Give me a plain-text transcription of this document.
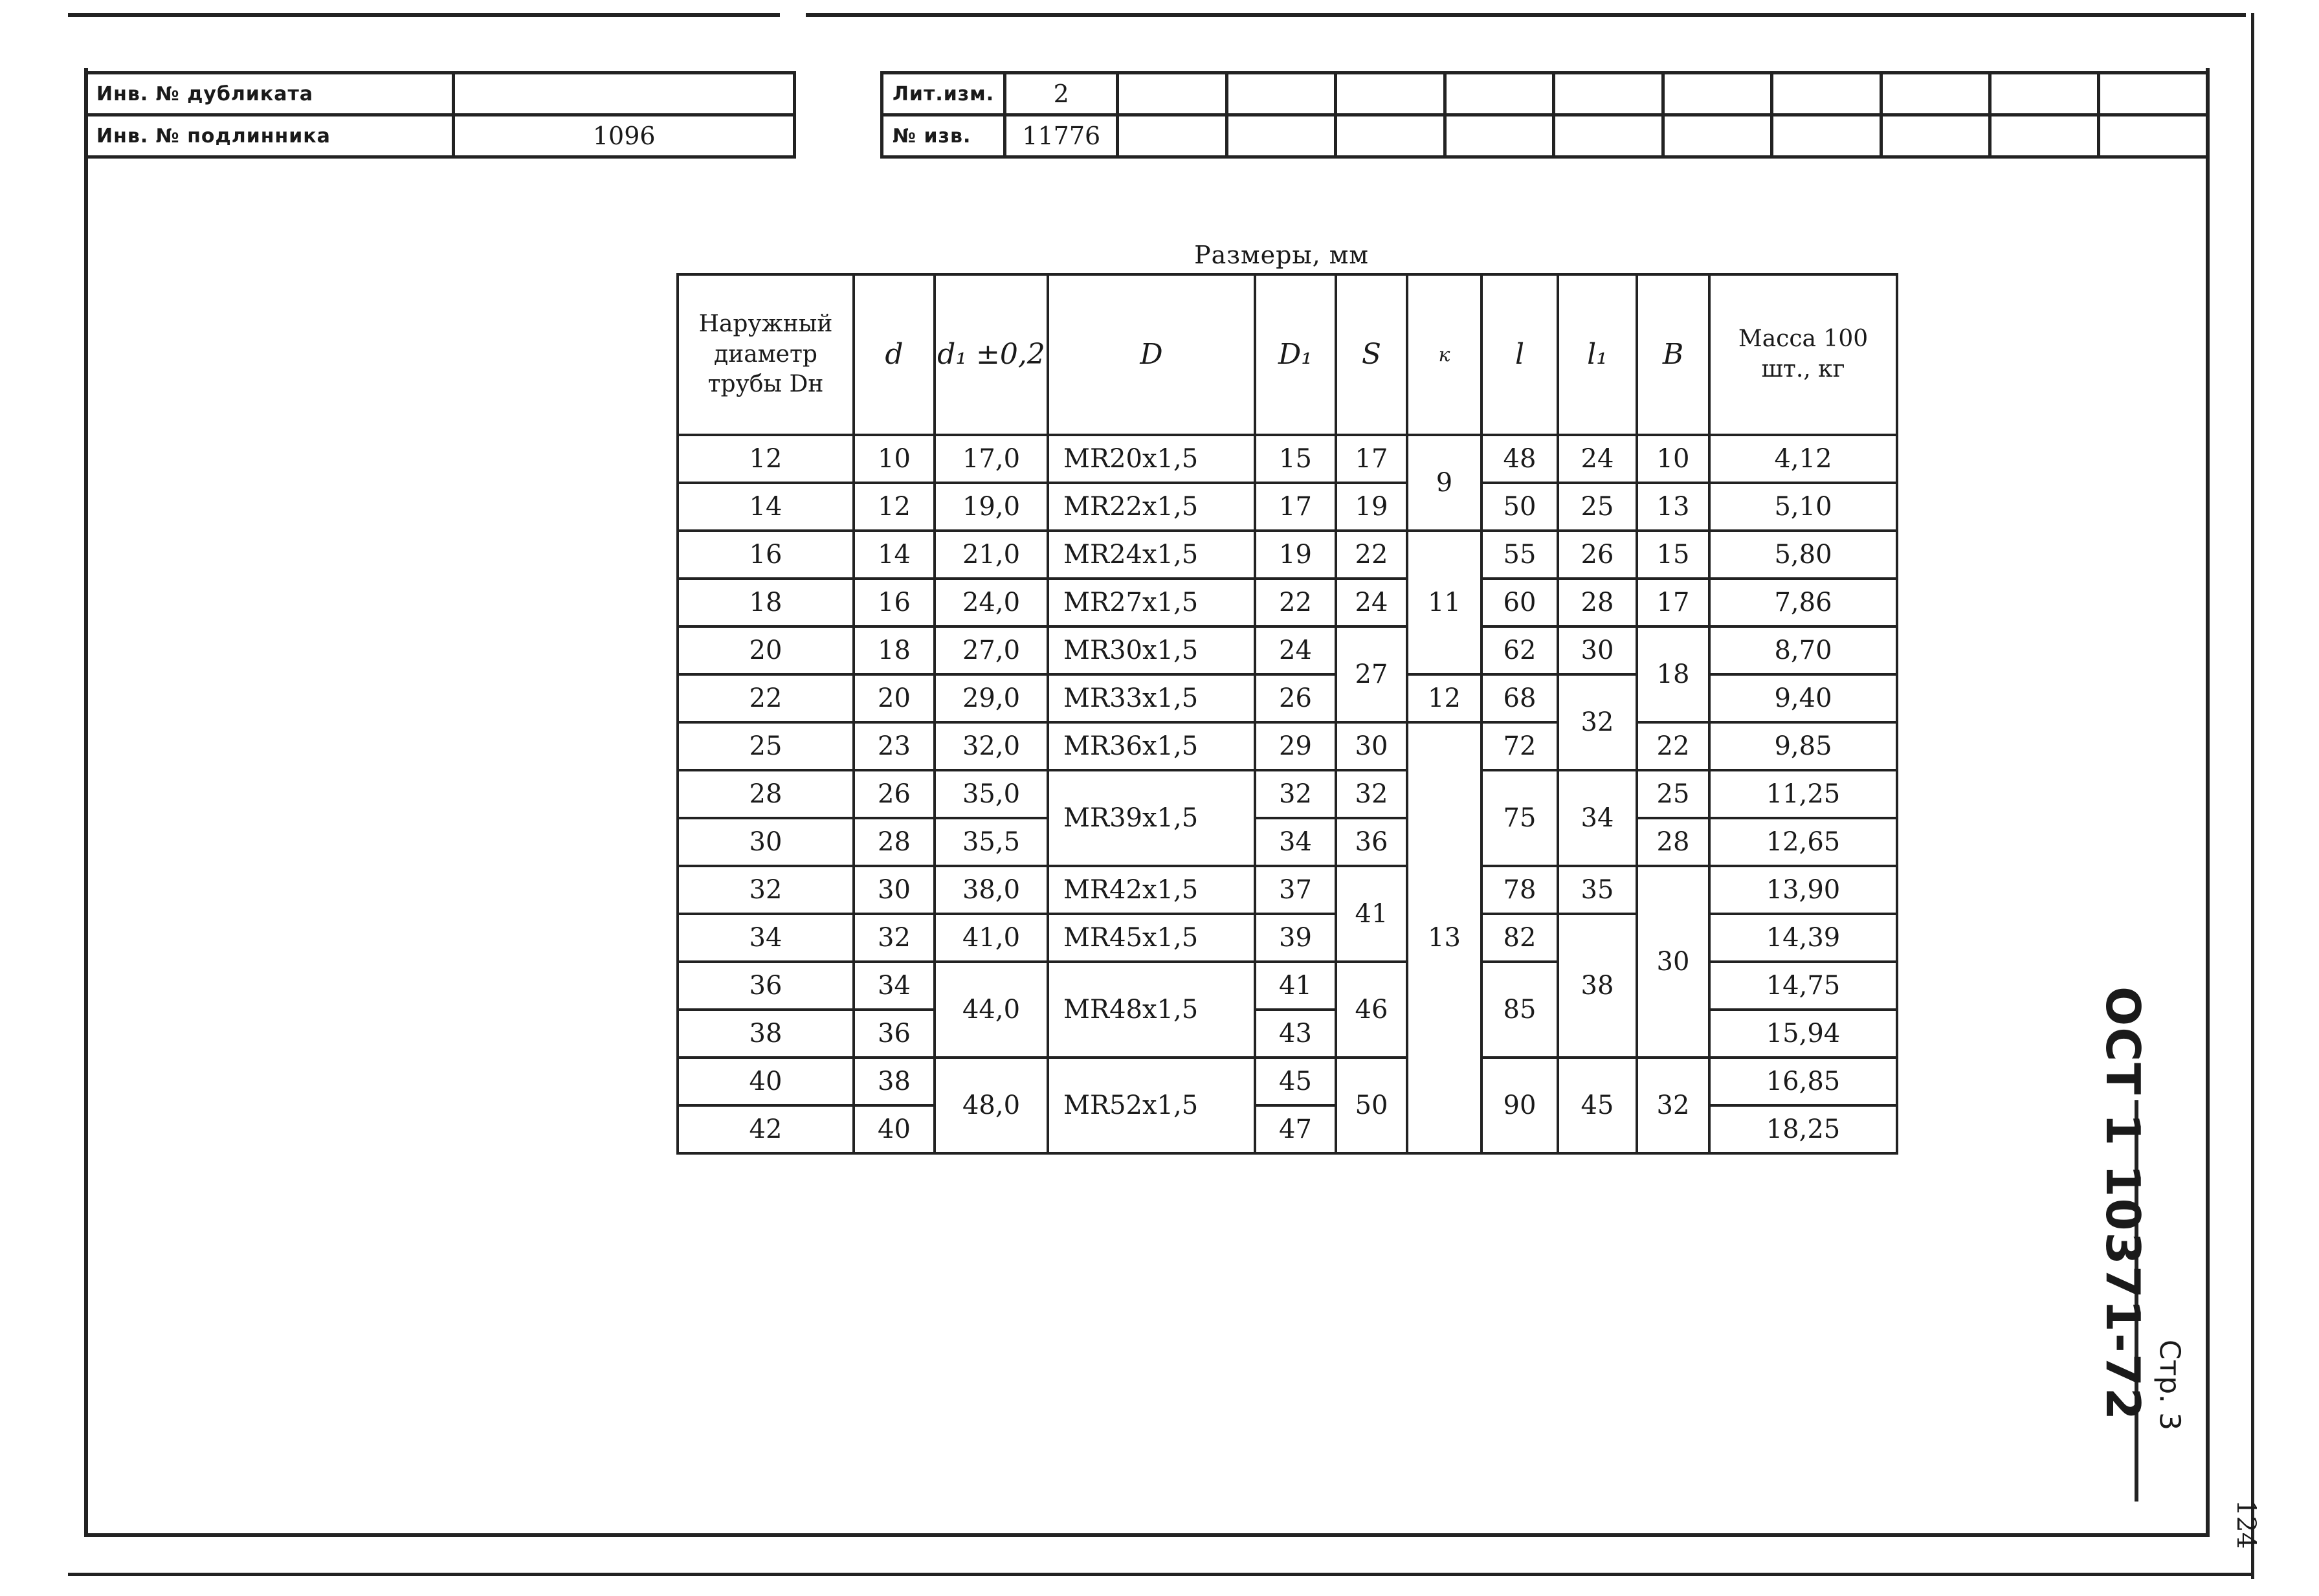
Инв. № дубликата	
Инв. № подлинника	1096
Лит.изм.	2										
№ изв.	11776										
Размеры, мм
Наружный диаметр трубы Dн	d	d₁ ±0,2	D	D₁	S	к	l	l₁	B	Масса 100 шт., кг
12	10	17,0	MR20x1,5	15	17	9	48	24	10	4,12
14	12	19,0	MR22x1,5	17	19		50	25	13	5,10
16	14	21,0	MR24x1,5	19	22	11	55	26	15	5,80
18	16	24,0	MR27x1,5	22	24		60	28	17	7,86
20	18	27,0	MR30x1,5	24	27		62	30	18	8,70
22	20	29,0	MR33x1,5	26		12	68	32		9,40
25	23	32,0	MR36x1,5	29	30	13	72		22	9,85
28	26	35,0	MR39x1,5	32	32		75	34	25	11,25
30	28	35,5		34	36				28	12,65
32	30	38,0	MR42x1,5	37	41		78	35	30	13,90
34	32	41,0	MR45x1,5	39			82	38		14,39
36	34	44,0	MR48x1,5	41	46		85			14,75
38	36			43						15,94
40	38	48,0	MR52x1,5	45	50		90	45	32	16,85
42	40			47						18,25	ОСТ 1 10371-72 Стр. 3
124
